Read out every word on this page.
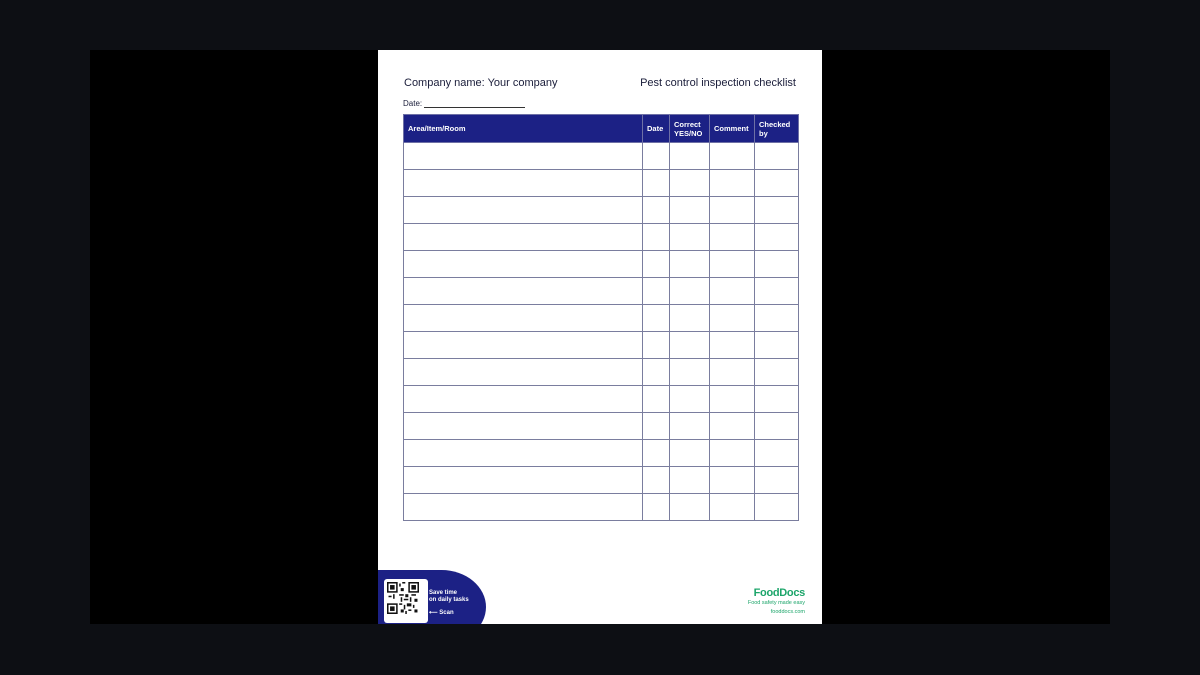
Company name: Your company	Pest control inspection checklist
Date:
Area/Item/Room	Date	Correct YES/NO	Comment	Checked by

Save time
on daily tasks
⟵ Scan
FoodDocs
Food safety made easy
fooddocs.com
